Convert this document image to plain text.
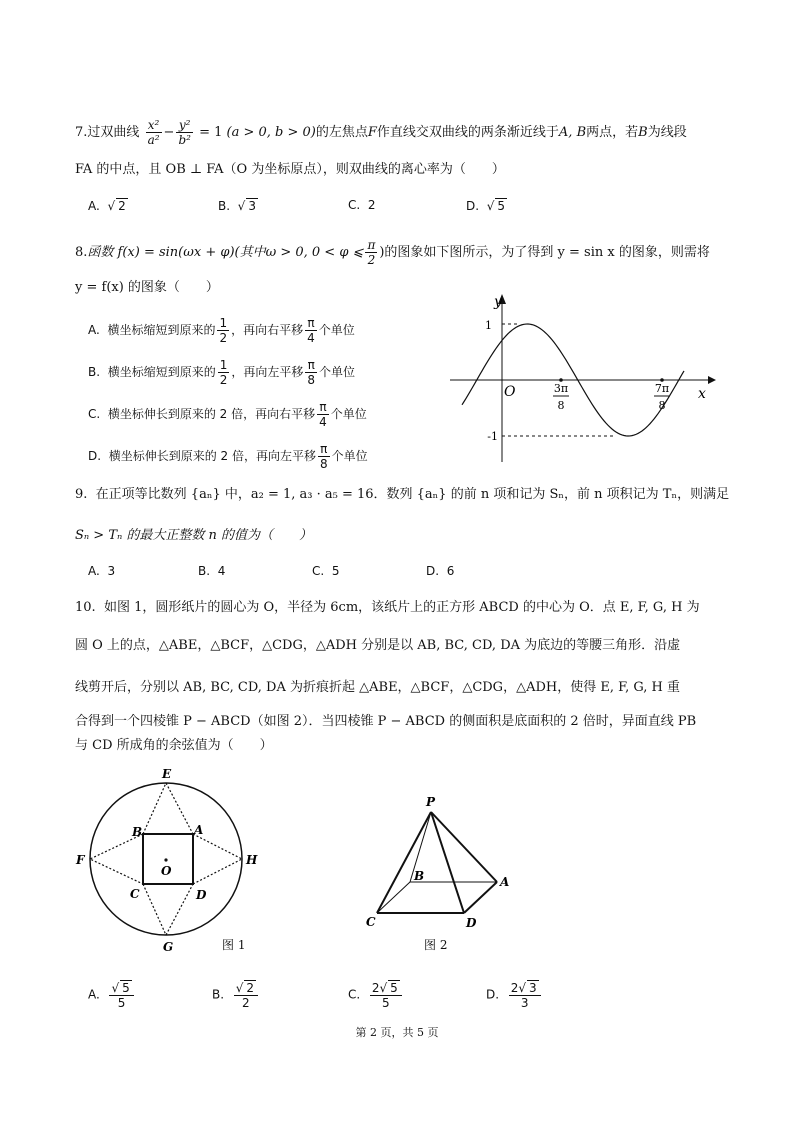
7.过双曲线 $\frac{\text{x²}}{\text{a²}} - \frac{\text{y²}}{\text{b²}} = 1$ (a > 0, b > 0)的左焦点F作直线交双曲线的两条渐近线于A, B两点，若B为线段
FA 的中点，且 OB ⊥ FA（O 为坐标原点），则双曲线的离心率为（　　）
A.  √ 2	B.  √ 3	C. 2	D.  √ 5
8.函数 f(x) = sin(ωx + φ)(其中ω > 0, 0 < φ ⩽ $\frac{\pi}{2}$ )的图象如下图所示，为了得到 y = sin x 的图象，则需将
y = f(x) 的图象（　　）
A. 横坐标缩短到原来的 $\frac{1}{2}$ ，再向右平移 $\frac{\pi}{4}$ 个单位
B. 横坐标缩短到原来的 $\frac{1}{2}$ ，再向左平移 $\frac{\pi}{8}$ 个单位
C. 横坐标伸长到原来的 2 倍，再向右平移 $\frac{\pi}{4}$ 个单位
D. 横坐标伸长到原来的 2 倍，再向左平移 $\frac{\pi}{8}$ 个单位
y
x
O
1
-1
3π
8
7π
8
9. 在正项等比数列 {aₙ} 中，a₂ = 1, a₃ · a₅ = 16．数列 {aₙ} 的前 n 项和记为 Sₙ，前 n 项积记为 Tₙ，则满足
Sₙ > Tₙ 的最大正整数 n 的值为（　　）
A. 3	B. 4	C. 5	D. 6
10. 如图 1，圆形纸片的圆心为 O，半径为 6cm，该纸片上的正方形 ABCD 的中心为 O．点 E, F, G, H 为
圆 O 上的点，△ABE，△BCF，△CDG，△ADH 分别是以 AB, BC, CD, DA 为底边的等腰三角形．沿虚
线剪开后，分别以 AB, BC, CD, DA 为折痕折起 △ABE，△BCF，△CDG，△ADH，使得 E, F, G, H 重
合得到一个四棱锥 P − ABCD（如图 2）．当四棱锥 P − ABCD 的侧面积是底面积的 2 倍时，异面直线 PB
与 CD 所成角的余弦值为（　　）
E
F
G
H
B	A
C	D
O
图 1
P
A
B
C	D
图 2
A. $\frac{√ 5}{5}$	B. $\frac{√ 2}{2}$	C. $\frac{2√ 5}{5}$	D. $\frac{2√ 3}{3}$
第 2 页，共 5 页
